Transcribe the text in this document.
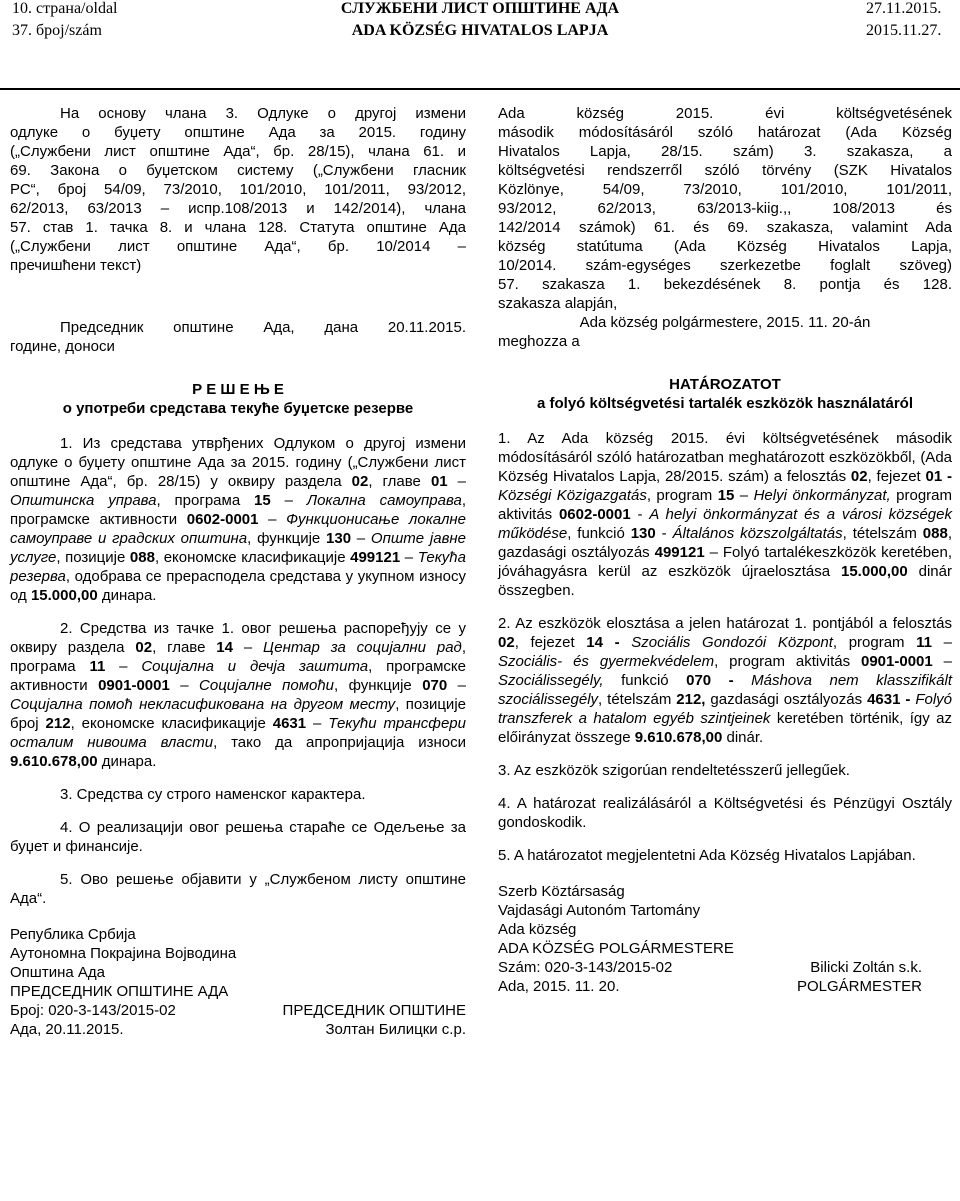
10. страна/oldal
37. број/szám
СЛУЖБЕНИ ЛИСТ ОПШТИНЕ АДА
ADA KÖZSÉG HIVATALOS LAPJA
27.11.2015.
2015.11.27.

На основу члана 3. Одлуке о другој измени

одлуке о буџету општине Ада за 2015. годину

(„Службени лист општине Ада“, бр. 28/15), члана 61. и

69. Закона о буџетском систему („Службени гласник

РС“, број 54/09, 73/2010, 101/2010, 101/2011, 93/2012,

62/2013, 63/2013 – испр.108/2013 и 142/2014), члана

57. став 1. тачка 8. и члана 128. Статута општине Ада

(„Службени лист општине Ада“, бр. 10/2014 –

пречишћени текст)

Председник општине Ада, дана 20.11.2015.

године, доноси

Р Е Ш Е Њ Е

о употреби средстава текуће буџетске резерве

1. Из средстава утврђених Одлуком о другој измени одлуке о буџету општине Ада за 2015. годину („Службени лист општине Ада“, бр. 28/15) у оквиру раздела 02, главе 01 – Општинска управа, програма 15 – Локална самоуправа, програмске активности 0602-0001 – Функционисање локалне самоуправе и градских општина, функције 130 – Опште јавне услуге, позиције 088, економске класификације 499121 – Текућа резерва, одобрава се прерасподела средстава у укупном износу од 15.000,00 динара.

2. Средства из тачке 1. овог решења распоређују се у оквиру раздела 02, главе 14 – Центар за социјални рад, програма 11 – Социјална и дечја заштита, програмске активности 0901-0001 – Социјалне помоћи, функције 070 – Социјална помоћ некласификована на другом месту, позиције број 212, економске класификације 4631 – Текући трансфери осталим нивоима власти, тако да апропријација износи 9.610.678,00 динара.

3. Средства су строго наменског карактера.

4. О реализацији овог решења стараће се Одељење за буџет и финансије.

5. Ово решење објавити у „Службеном листу општине Ада“.

Република Србија

Аутономна Покрајина Војводина

Општина Ада

ПРЕДСЕДНИК ОПШТИНЕ АДА

Број: 020-3-143/2015-02	ПРЕДСЕДНИК ОПШТИНЕ

Ада, 20.11.2015.	Золтан Билицки с.р.

Ada község 2015. évi költségvetésének

második módosításáról szóló határozat (Ada Község

Hivatalos Lapja, 28/15. szám) 3. szakasza, a

költségvetési rendszerről szóló törvény (SZK Hivatalos

Közlönye, 54/09, 73/2010, 101/2010, 101/2011,

93/2012, 62/2013, 63/2013-kiig.,, 108/2013 és

142/2014 számok) 61. és 69. szakasza, valamint Ada

község statútuma (Ada Község Hivatalos Lapja,

10/2014. szám-egységes szerkezetbe foglalt szöveg)

57. szakasza 1. bekezdésének 8. pontja és 128.

szakasza alapján,

Ada község polgármestere, 2015. 11. 20-án

meghozza a

HATÁROZATOT

a folyó költségvetési tartalék eszközök használatáról

1. Az Ada község 2015. évi költségvetésének második módosításáról szóló határozatban meghatározott eszközökből, (Ada Község Hivatalos Lapja, 28/2015. szám) a felosztás 02, fejezet 01 - Községi Közigazgatás, program 15 – Helyi önkormányzat, program aktivitás 0602-0001 - A helyi önkormányzat és a városi községek működése, funkció 130 - Általános közszolgáltatás, tételszám 088, gazdasági osztályozás 499121 – Folyó tartalékeszközök keretében, jóváhagyásra kerül az eszközök újraelosztása 15.000,00 dinár összegben.

2. Az eszközök elosztása a jelen határozat 1. pontjából a felosztás 02, fejezet 14 - Szociális Gondozói Központ, program 11 – Szociális- és gyermekvédelem, program aktivitás 0901-0001 – Szociálissegély, funkció 070 - Máshova nem klasszifikált szociálissegély, tételszám 212, gazdasági osztályozás 4631 - Folyó transzferek a hatalom egyéb szintjeinek keretében történik, így az előirányzat összege 9.610.678,00 dinár.

3. Az eszközök szigorúan rendeltetésszerű jellegűek.

4. A határozat realizálásáról a Költségvetési és Pénzügyi Osztály gondoskodik.

5. A határozatot megjelentetni Ada Község Hivatalos Lapjában.

Szerb Köztársaság

Vajdasági Autonóm Tartomány

Ada község

ADA KÖZSÉG POLGÁRMESTERE

Szám: 020-3-143/2015-02	Bilicki Zoltán s.k.

Ada, 2015. 11. 20.	POLGÁRMESTER
